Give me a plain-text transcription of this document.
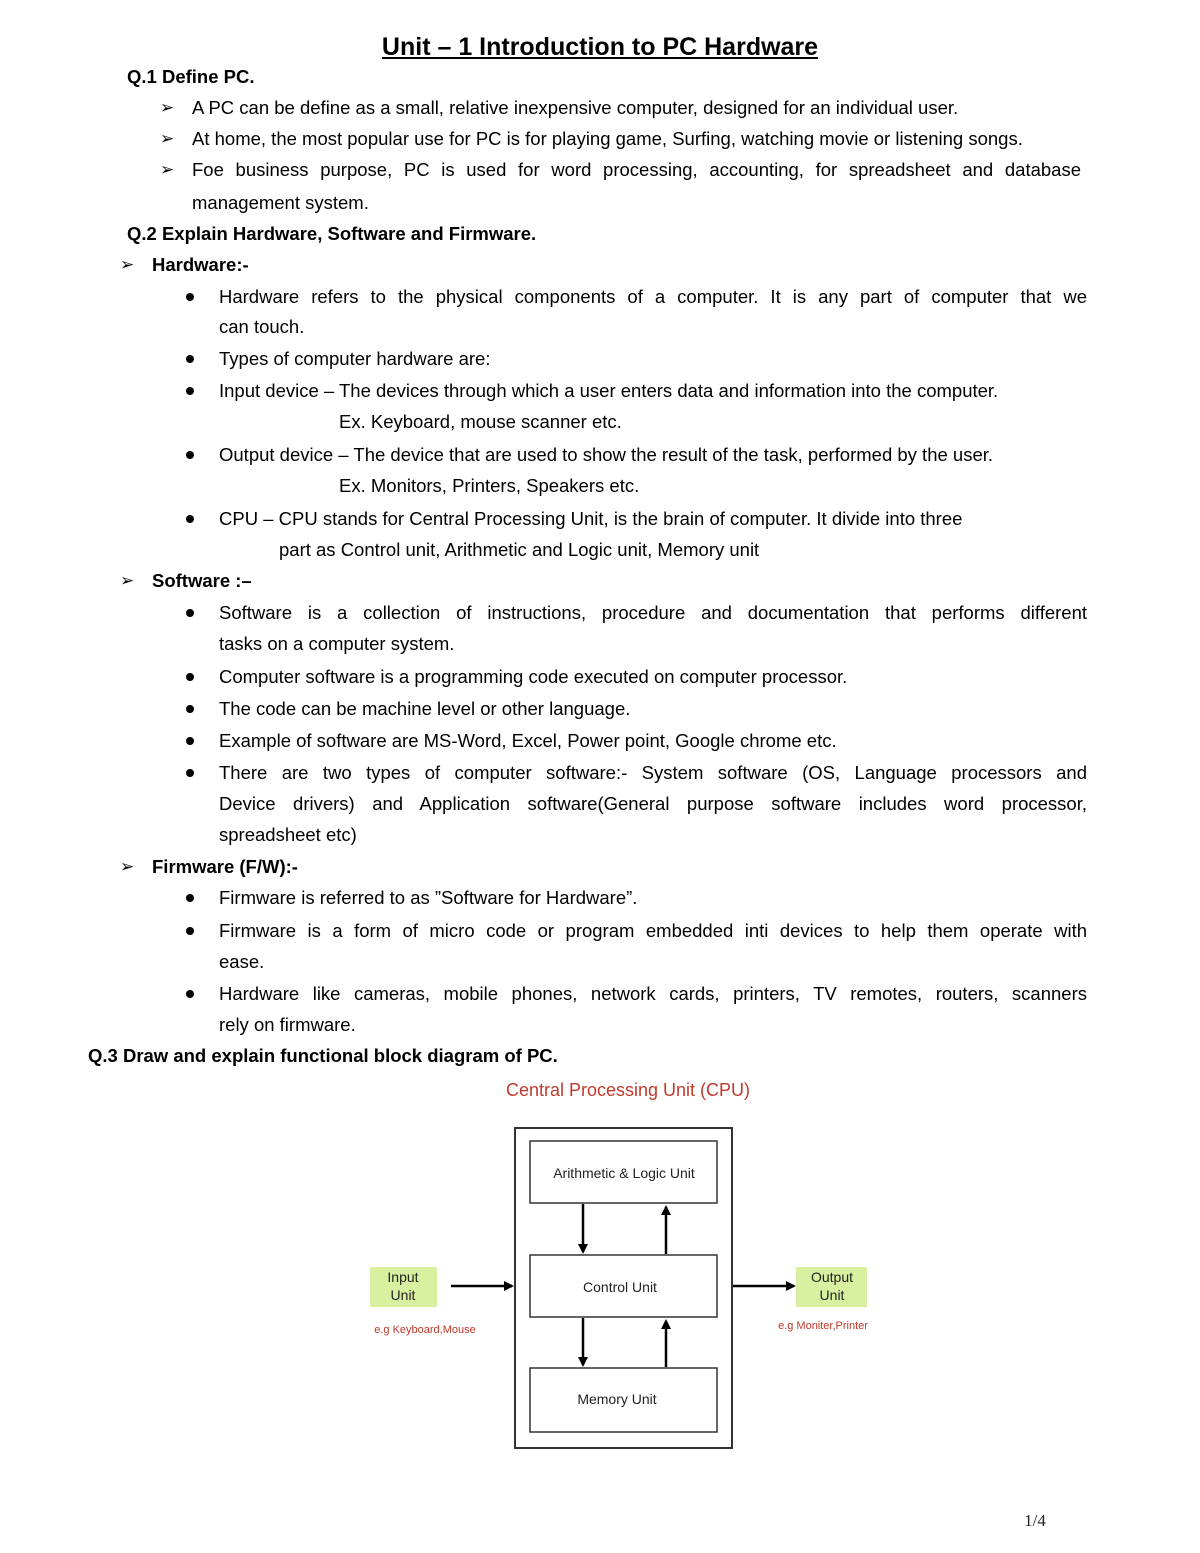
Unit – 1 Introduction to PC Hardware
Q.1 Define PC.
➢ A PC can be define as a small, relative inexpensive computer, designed for an individual user.
➢ At home, the most popular use for PC is for playing game, Surfing, watching movie or listening songs.
➢ Foe business purpose, PC is used for word processing, accounting, for spreadsheet and database
management system.
Q.2 Explain Hardware, Software and Firmware.
➢ Hardware:-
Hardware refers to the physical components of a computer. It is any part of computer that we
can touch.
Types of computer hardware are:
Input device – The devices through which a user enters data and information into the computer.
Ex. Keyboard, mouse scanner etc.
Output device – The device that are used to show the result of the task, performed by the user.
Ex. Monitors, Printers, Speakers etc.
CPU – CPU stands for Central Processing Unit, is the brain of computer. It divide into three
part as Control unit, Arithmetic and Logic unit, Memory unit
➢ Software :–
Software is a collection of instructions, procedure and documentation that performs different
tasks on a computer system.
Computer software is a programming code executed on computer processor.
The code can be machine level or other language.
Example of software are MS-Word, Excel, Power point, Google chrome etc.
There are two types of computer software:- System software (OS, Language processors and
Device drivers) and Application software(General purpose software includes word processor,
spreadsheet etc)
➢ Firmware (F/W):-
Firmware is referred to as ”Software for Hardware”.
Firmware is a form of micro code or program embedded inti devices to help them operate with
ease.
Hardware like cameras, mobile phones, network cards, printers, TV remotes, routers, scanners
rely on firmware.
Q.3 Draw and explain functional block diagram of PC.
Central Processing Unit (CPU)
Arithmetic & Logic Unit
Control Unit
Memory Unit
Input
Unit
e.g Keyboard,Mouse
Output
Unit
e.g Moniter,Printer
1/4
